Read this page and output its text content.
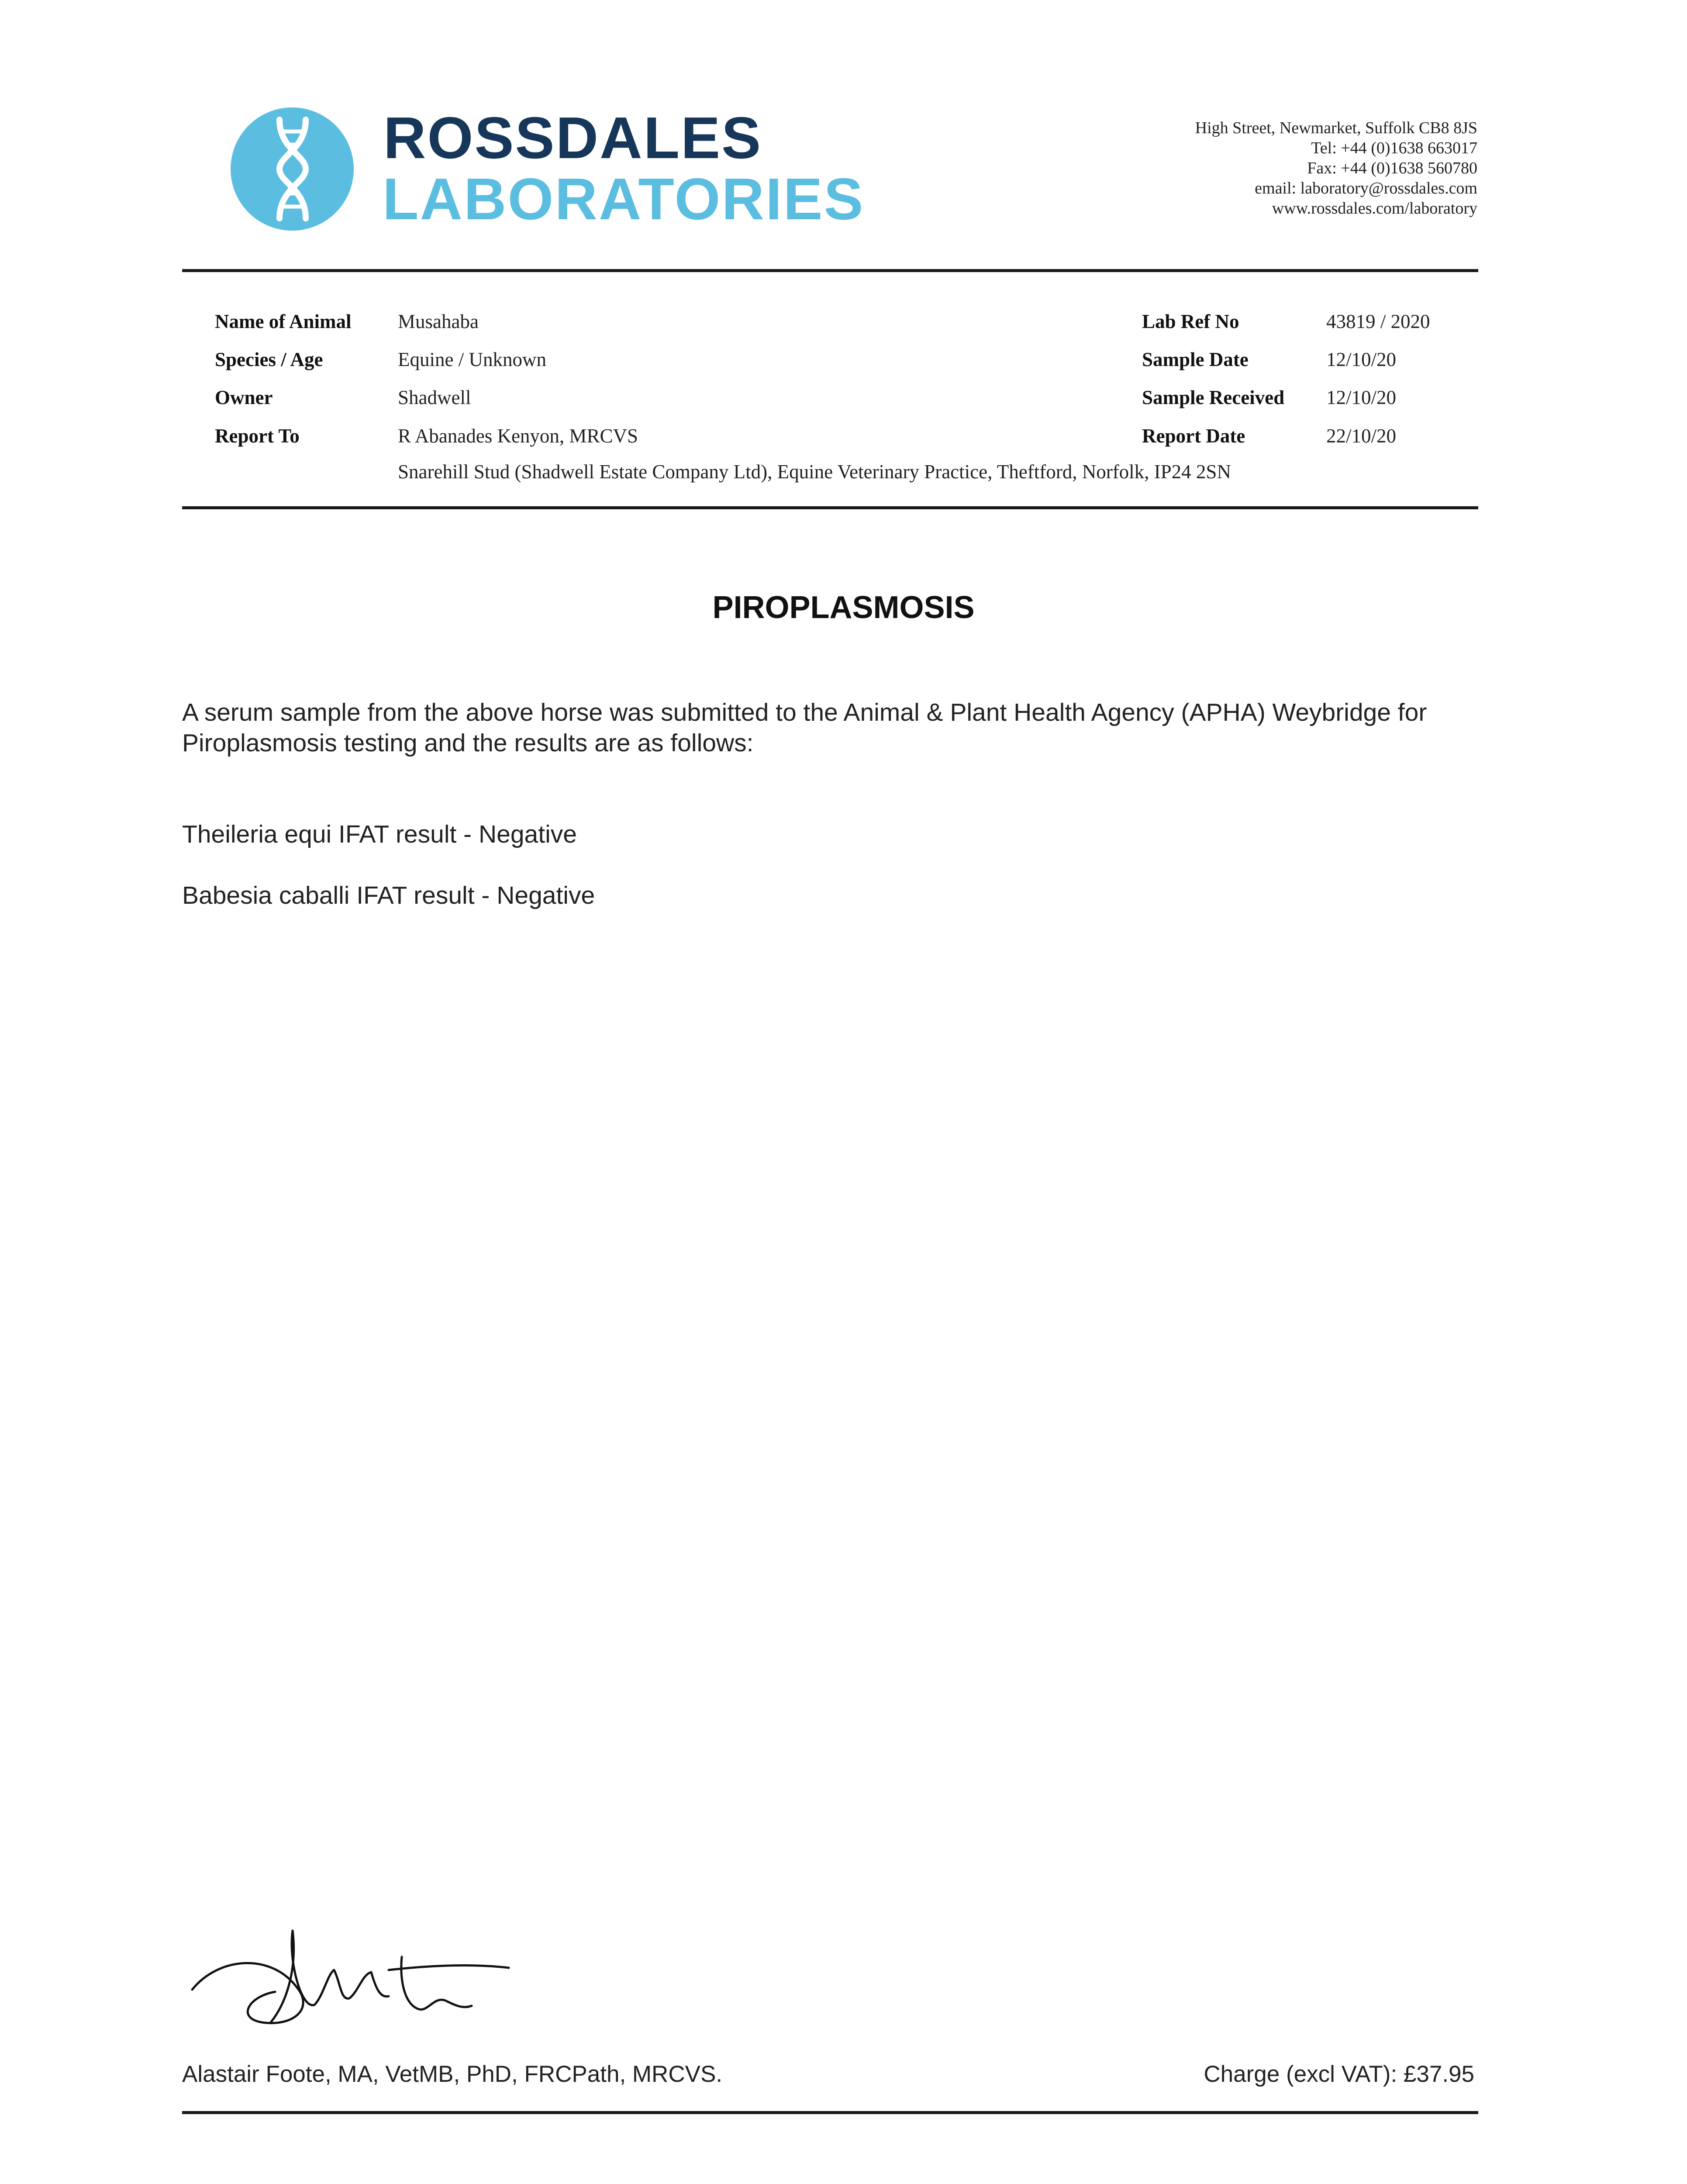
ROSSDALES
LABORATORIES
High Street, Newmarket, Suffolk CB8 8JS
Tel: +44 (0)1638 663017
Fax: +44 (0)1638 560780
email: laboratory@rossdales.com
www.rossdales.com/laboratory
Name of Animal Musahaba
Species / Age	Equine / Unknown
Owner	Shadwell
Report To	R Abanades Kenyon, MRCVS
Snarehill Stud (Shadwell Estate Company Ltd), Equine Veterinary Practice, Theftford, Norfolk, IP24 2SN
Lab Ref No	43819 / 2020
Sample Date	12/10/20
Sample Received 12/10/20
Report Date	22/10/20
PIROPLASMOSIS
A serum sample from the above horse was submitted to the Animal & Plant Health Agency (APHA) Weybridge for Piroplasmosis testing and the results are as follows:
Theileria equi IFAT result - Negative
Babesia caballi IFAT result - Negative
Alastair Foote, MA, VetMB, PhD, FRCPath, MRCVS.	Charge (excl VAT): £37.95
